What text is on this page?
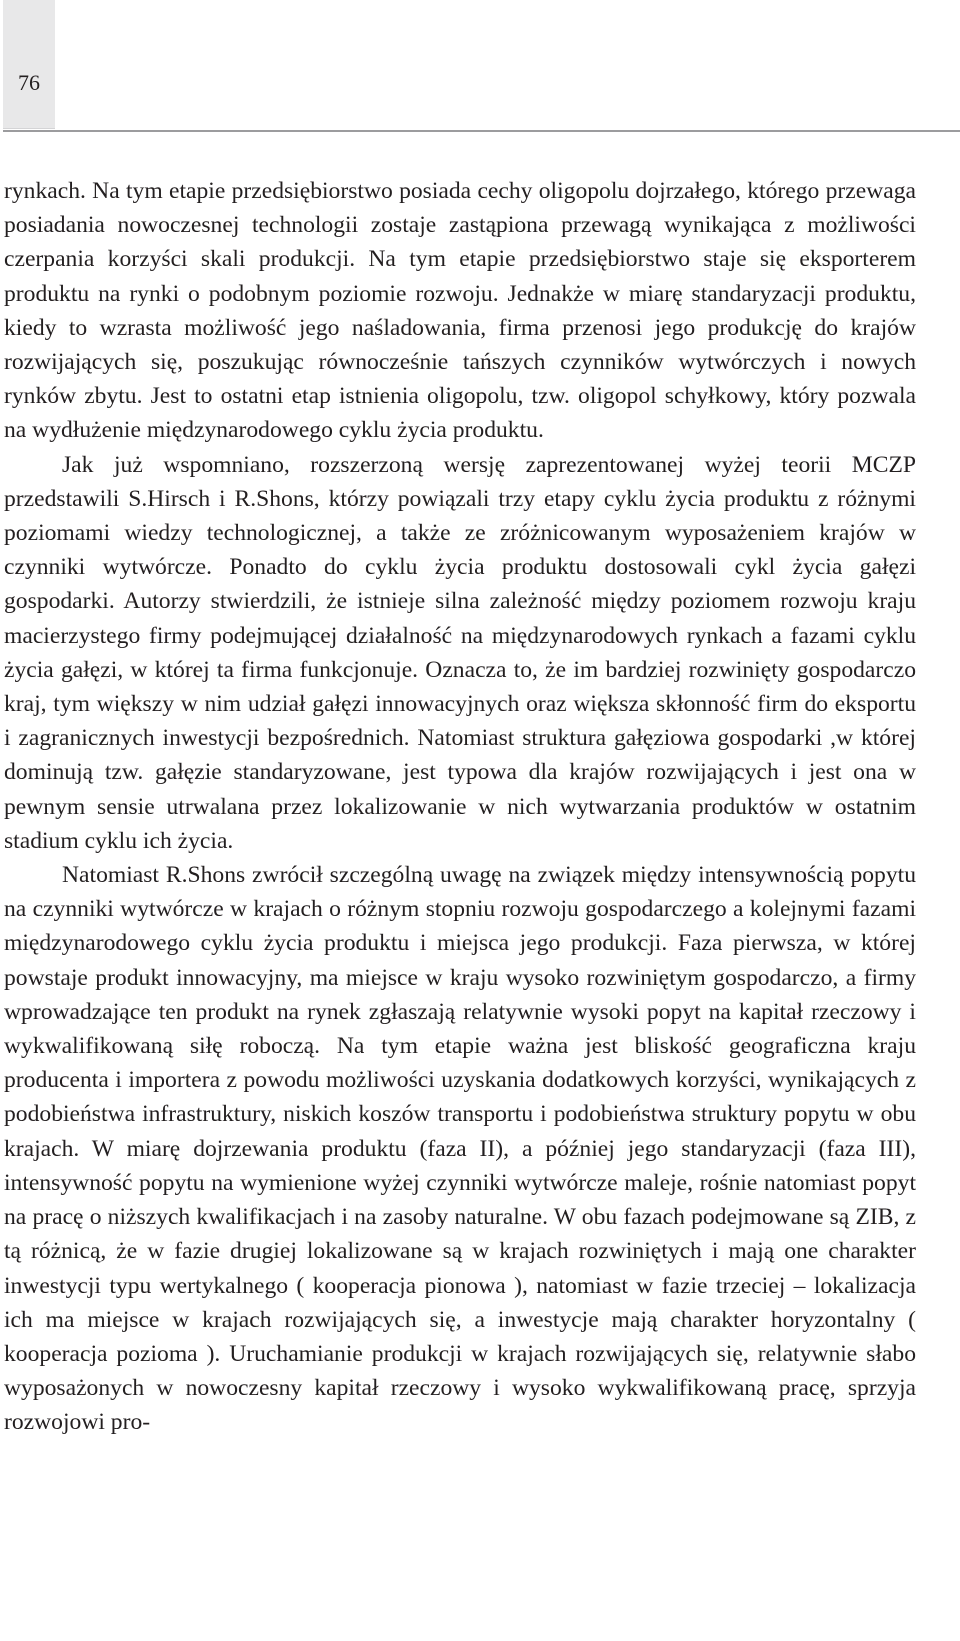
76

rynkach. Na tym etapie przedsiębiorstwo posiada cechy oligopolu dojrzałego, którego przewaga posiadania nowoczesnej technologii zostaje zastąpiona przewagą wynikająca z możliwości czerpania korzyści skali produkcji. Na tym etapie przedsiębiorstwo staje się eksporterem produktu na rynki o podobnym poziomie rozwoju. Jednakże w miarę standaryzacji produktu, kiedy to wzrasta możliwość jego naśladowania, firma przenosi jego produkcję do krajów rozwijających się, poszukując równocześnie tańszych czynników wytwórczych i nowych rynków zbytu. Jest to ostatni etap istnienia oligopolu, tzw. oligopol schyłkowy, który pozwala na wydłużenie międzynarodowego cyklu życia produktu.

Jak już wspomniano, rozszerzoną wersję zaprezentowanej wyżej teorii MCZP przedstawili S.Hirsch i R.Shons, którzy powiązali trzy etapy cyklu życia produktu z różnymi poziomami wiedzy technologicznej, a także ze zróżnicowanym wyposażeniem krajów w czynniki wytwórcze. Ponadto do cyklu życia produktu dostosowali cykl życia gałęzi gospodarki. Autorzy stwierdzili, że istnieje silna zależność między poziomem rozwoju kraju macierzystego firmy podejmującej działalność na międzynarodowych rynkach a fazami cyklu życia gałęzi, w której ta firma funkcjonuje. Oznacza to, że im bardziej rozwinięty gospodarczo kraj, tym większy w nim udział gałęzi innowacyjnych oraz większa skłonność firm do eksportu i zagranicznych inwestycji bezpośrednich. Natomiast struktura gałęziowa gospodarki ,w której dominują tzw. gałęzie standaryzowane, jest typowa dla krajów rozwijających i jest ona w pewnym sensie utrwalana przez lokalizowanie w nich wytwarzania produktów w ostatnim stadium cyklu ich życia.

Natomiast R.Shons zwrócił szczególną uwagę na związek między intensywnością popytu na czynniki wytwórcze w krajach o różnym stopniu rozwoju gospodarczego a kolejnymi fazami międzynarodowego cyklu życia produktu i miejsca jego produkcji. Faza pierwsza, w której powstaje produkt innowacyjny, ma miejsce w kraju wysoko rozwiniętym gospodarczo, a firmy wprowadzające ten produkt na rynek zgłaszają relatywnie wysoki popyt na kapitał rzeczowy i wykwalifikowaną siłę roboczą. Na tym etapie ważna jest bliskość geograficzna kraju producenta i importera z powodu możliwości uzyskania dodatkowych korzyści, wynikających z podobieństwa infrastruktury, niskich koszów transportu i podobieństwa struktury popytu w obu krajach. W miarę dojrzewania produktu (faza II), a później jego standaryzacji (faza III), intensywność popytu na wymienione wyżej czynniki wytwórcze maleje, rośnie natomiast popyt na pracę o niższych kwalifikacjach i na zasoby naturalne. W obu fazach podejmowane są ZIB, z tą różnicą, że w fazie drugiej lokalizowane są w krajach rozwiniętych i mają one charakter inwestycji typu wertykalnego ( kooperacja pionowa ), natomiast w fazie trzeciej – lokalizacja ich ma miejsce w krajach rozwijających się, a inwestycje mają charakter horyzontalny ( kooperacja pozioma ). Uruchamianie produkcji w krajach rozwijających się, relatywnie słabo wyposażonych w nowoczesny kapitał rzeczowy i wysoko wykwalifikowaną pracę, sprzyja rozwojowi pro-
